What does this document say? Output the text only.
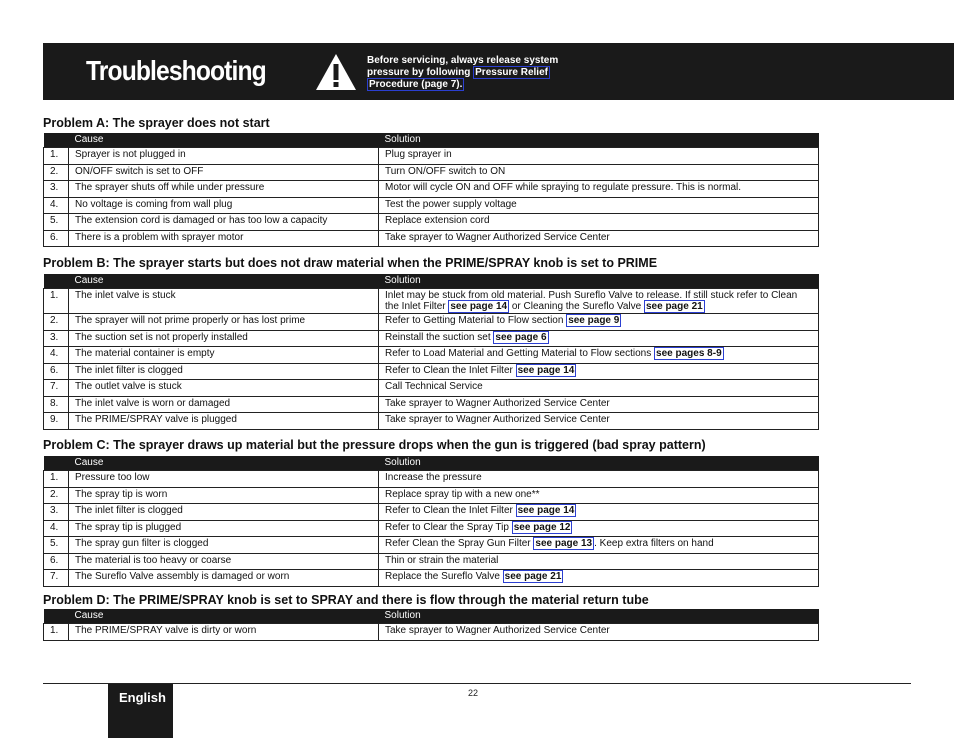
Troubleshooting	Before servicing, always release system
pressure by following Pressure Relief
Procedure (page 7).
Problem A: The sprayer does not start
	Cause	Solution
1.	Sprayer is not plugged in	Plug sprayer in
2.	ON/OFF switch is set to OFF	Turn ON/OFF switch to ON
3.	The sprayer shuts off while under pressure	Motor will cycle ON and OFF while spraying to regulate pressure. This is normal.
4.	No voltage is coming from wall plug	Test the power supply voltage
5.	The extension cord is damaged or has too low a capacity	Replace extension cord
6.	There is a problem with sprayer motor	Take sprayer to Wagner Authorized Service Center
Problem B: The sprayer starts but does not draw material when the PRIME/SPRAY knob is set to PRIME
	Cause	Solution
1.	The inlet valve is stuck	Inlet may be stuck from old material. Push Sureflo Valve to release. If still stuck refer to Clean the Inlet Filter see page 14 or Cleaning the Sureflo Valve see page 21
2.	The sprayer will not prime properly or has lost prime	Refer to Getting Material to Flow section see page 9
3.	The suction set is not properly installed	Reinstall the suction set see page 6
4.	The material container is empty	Refer to Load Material and Getting Material to Flow sections see pages 8-9
6.	The inlet filter is clogged	Refer to Clean the Inlet Filter see page 14
7.	The outlet valve is stuck	Call Technical Service
8.	The inlet valve is worn or damaged	Take sprayer to Wagner Authorized Service Center
9.	The PRIME/SPRAY valve is plugged	Take sprayer to Wagner Authorized Service Center
Problem C: The sprayer draws up material but the pressure drops when the gun is triggered (bad spray pattern)
	Cause	Solution
1.	Pressure too low	Increase the pressure
2.	The spray tip is worn	Replace spray tip with a new one**
3.	The inlet filter is clogged	Refer to Clean the Inlet Filter see page 14
4.	The spray tip is plugged	Refer to Clear the Spray Tip see page 12
5.	The spray gun filter is clogged	Refer Clean the Spray Gun Filter see page 13 . Keep extra filters on hand
6.	The material is too heavy or coarse	Thin or strain the material
7.	The Sureflo Valve assembly is damaged or worn	Replace the Sureflo Valve see page 21
Problem D: The PRIME/SPRAY knob is set to SPRAY and there is flow through the material return tube
	Cause	Solution
1.	The PRIME/SPRAY valve is dirty or worn	Take sprayer to Wagner Authorized Service Center
English	22
